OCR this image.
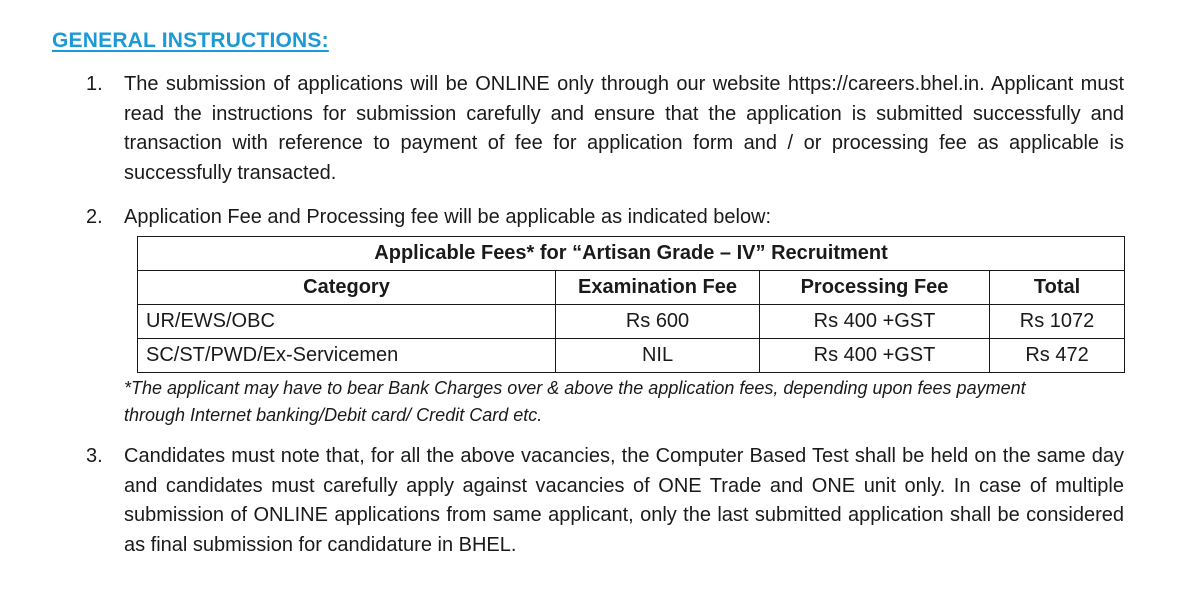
GENERAL INSTRUCTIONS:
1.	The submission of applications will be ONLINE only through our website https://careers.bhel.in. Applicant must read the instructions for submission carefully and ensure that the application is submitted successfully and transaction with reference to payment of fee for application form and / or processing fee as applicable is successfully transacted.
2.	Application Fee and Processing fee will be applicable as indicated below:
Applicable Fees* for “Artisan Grade – IV” Recruitment			
Category	Examination Fee	Processing Fee	Total
UR/EWS/OBC	Rs 600	Rs 400 +GST	Rs 1072
SC/ST/PWD/Ex-Servicemen	NIL	Rs 400 +GST	Rs 472
*The applicant may have to bear Bank Charges over & above the application fees, depending upon fees payment through Internet banking/Debit card/ Credit Card etc.
3.	Candidates must note that, for all the above vacancies, the Computer Based Test shall be held on the same day and candidates must carefully apply against vacancies of ONE Trade and ONE unit only. In case of multiple submission of ONLINE applications from same applicant, only the last submitted application shall be considered as final submission for candidature in BHEL.
